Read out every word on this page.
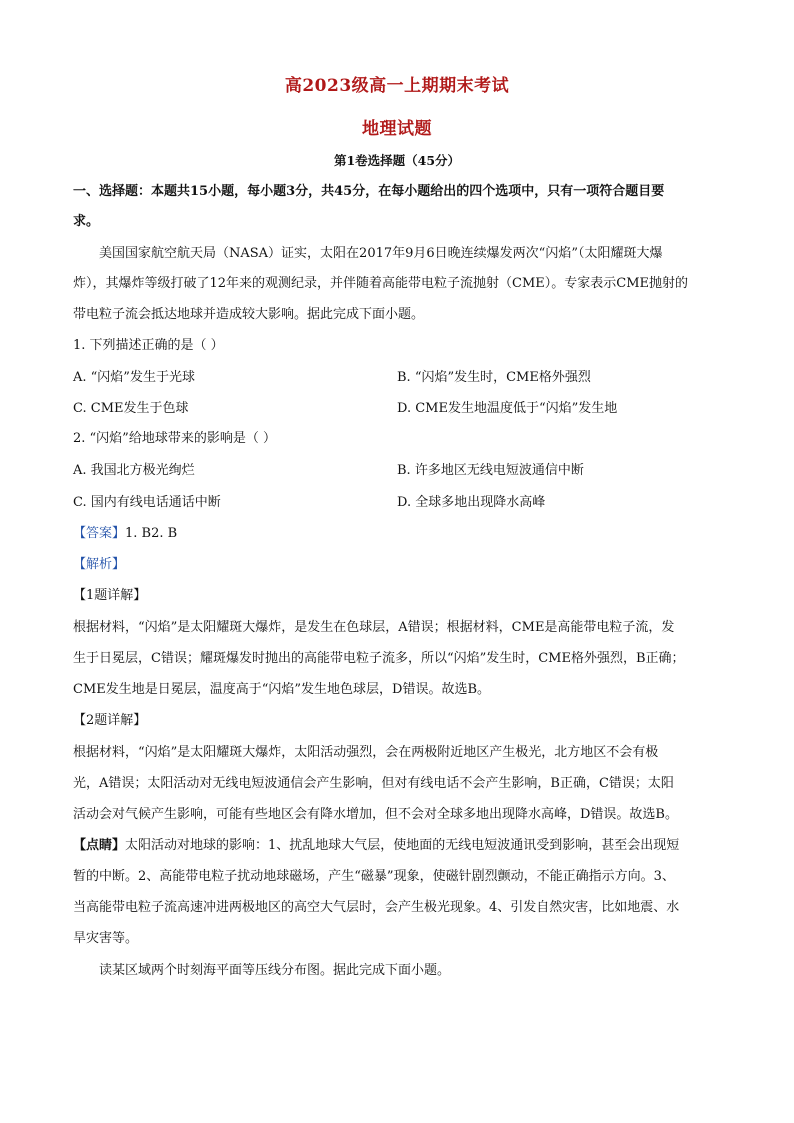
高2023级高一上期期末考试
地理试题
第1卷选择题（45分）
一、选择题：本题共15小题，每小题3分，共45分，在每小题给出的四个选项中，只有一项符合题目要
求。
美国国家航空航天局（NASA）证实，太阳在2017年9月6日晚连续爆发两次“闪焰”（太阳耀斑大爆
炸），其爆炸等级打破了12年来的观测纪录，并伴随着高能带电粒子流抛射（CME）。专家表示CME抛射的
带电粒子流会抵达地球并造成较大影响。据此完成下面小题。
1. 下列描述正确的是（ ）
A. “闪焰”发生于光球	B. “闪焰”发生时，CME格外强烈
C. CME发生于色球	D. CME发生地温度低于“闪焰”发生地
2. “闪焰”给地球带来的影响是（ ）
A. 我国北方极光绚烂	B. 许多地区无线电短波通信中断
C. 国内有线电话通话中断	D. 全球多地出现降水高峰
【答案】1. B2. B
【解析】
【1题详解】
根据材料，“闪焰”是太阳耀斑大爆炸，是发生在色球层，A错误；根据材料，CME是高能带电粒子流，发
生于日冕层，C错误；耀斑爆发时抛出的高能带电粒子流多，所以“闪焰”发生时，CME格外强烈，B正确；
CME发生地是日冕层，温度高于“闪焰”发生地色球层，D错误。故选B。
【2题详解】
根据材料，“闪焰”是太阳耀斑大爆炸，太阳活动强烈，会在两极附近地区产生极光，北方地区不会有极
光，A错误；太阳活动对无线电短波通信会产生影响，但对有线电话不会产生影响，B正确，C错误；太阳
活动会对气候产生影响，可能有些地区会有降水增加，但不会对全球多地出现降水高峰，D错误。故选B。
【点睛】太阳活动对地球的影响：1、扰乱地球大气层，使地面的无线电短波通讯受到影响，甚至会出现短
暂的中断。2、高能带电粒子扰动地球磁场，产生“磁暴”现象，使磁针剧烈颤动，不能正确指示方向。3、
当高能带电粒子流高速冲进两极地区的高空大气层时，会产生极光现象。4、引发自然灾害，比如地震、水
旱灾害等。
读某区域两个时刻海平面等压线分布图。据此完成下面小题。
